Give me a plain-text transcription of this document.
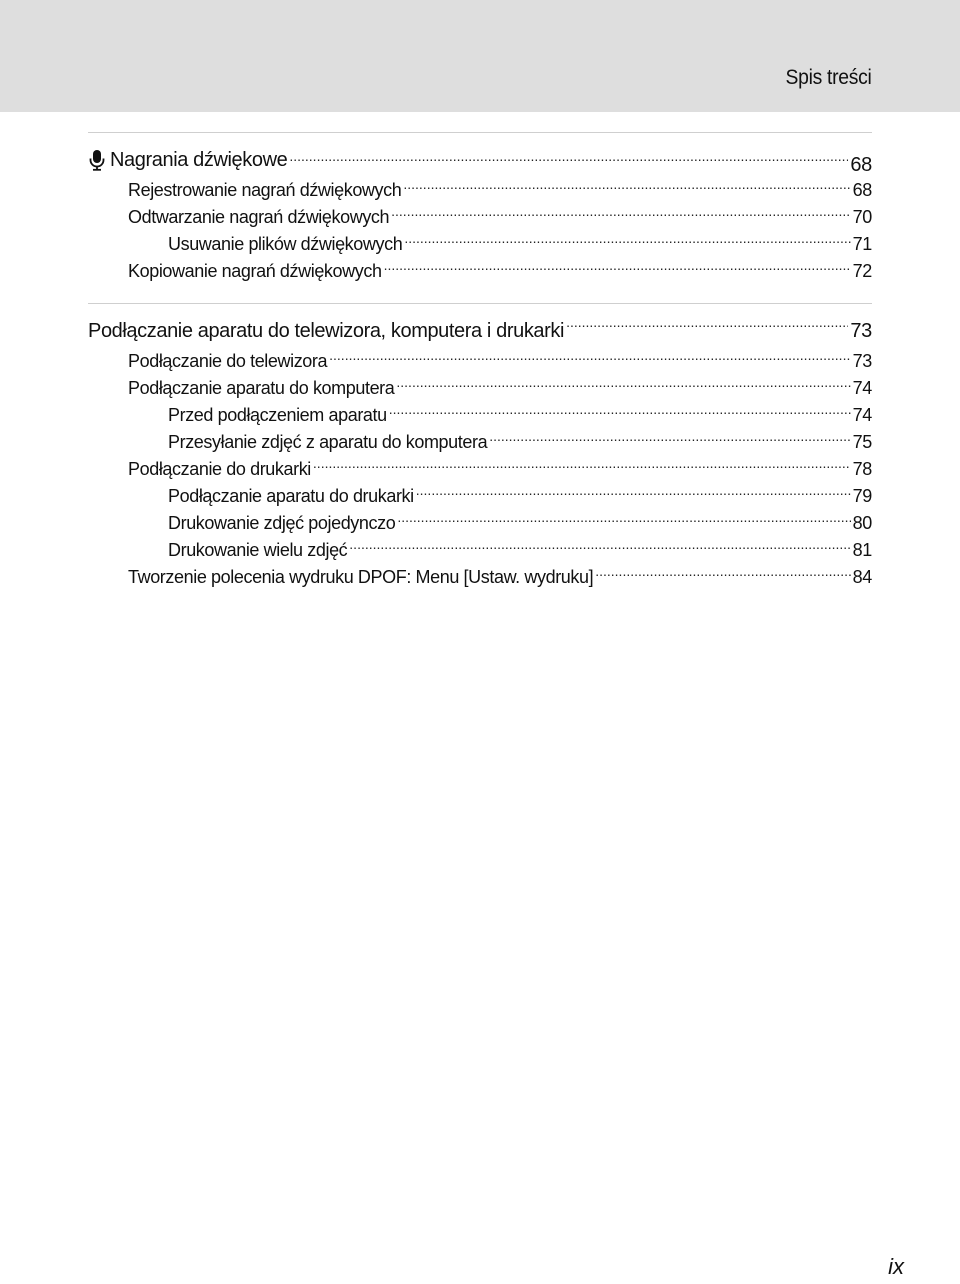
Spis treści
Nagrania dźwiękowe .....	68
Rejestrowanie nagrań dźwiękowych .....	68
Odtwarzanie nagrań dźwiękowych .....	70
Usuwanie plików dźwiękowych .....	71
Kopiowanie nagrań dźwiękowych .....	72
Podłączanie aparatu do telewizora, komputera i drukarki .....	73
Podłączanie do telewizora .....	73
Podłączanie aparatu do komputera .....	74
Przed podłączeniem aparatu .....	74
Przesyłanie zdjęć z aparatu do komputera .....	75
Podłączanie do drukarki .....	78
Podłączanie aparatu do drukarki .....	79
Drukowanie zdjęć pojedynczo .....	80
Drukowanie wielu zdjęć .....	81
Tworzenie polecenia wydruku DPOF: Menu [Ustaw. wydruku] .....	84
ix
